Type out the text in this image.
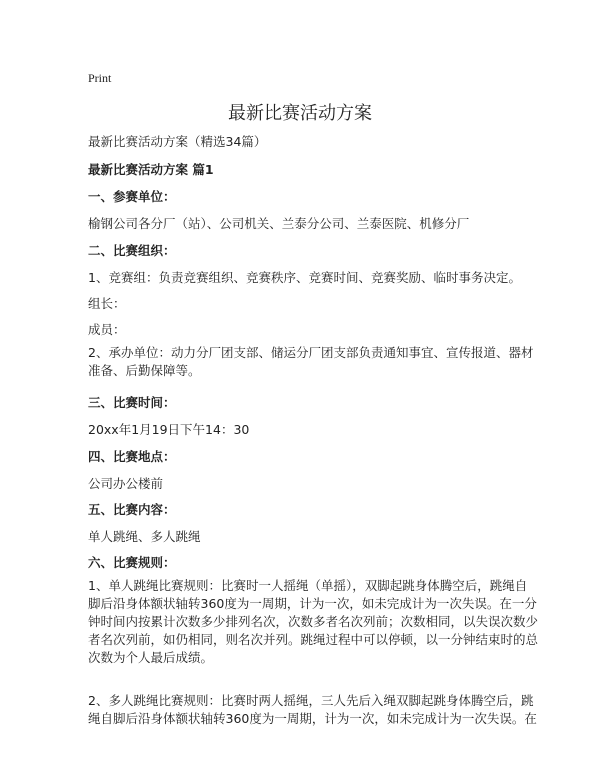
Print
最新比赛活动方案
最新比赛活动方案（精选34篇）
最新比赛活动方案 篇1
一、参赛单位：
榆钢公司各分厂（站）、公司机关、兰泰分公司、兰泰医院、机修分厂
二、比赛组织：
1、竞赛组：负责竞赛组织、竞赛秩序、竞赛时间、竞赛奖励、临时事务决定。
组长：
成员：
2、承办单位：动力分厂团支部、储运分厂团支部负责通知事宜、宣传报道、器材
准备、后勤保障等。
三、比赛时间：
20xx年1月19日下午14：30
四、比赛地点：
公司办公楼前
五、比赛内容：
单人跳绳、多人跳绳
六、比赛规则：
1、单人跳绳比赛规则：比赛时一人摇绳（单摇），双脚起跳身体腾空后，跳绳自
脚后沿身体额状轴转360度为一周期，计为一次，如未完成计为一次失误。在一分
钟时间内按累计次数多少排列名次，次数多者名次列前；次数相同，以失误次数少
者名次列前，如仍相同，则名次并列。跳绳过程中可以停顿，以一分钟结束时的总
次数为个人最后成绩。
2、多人跳绳比赛规则：比赛时两人摇绳，三人先后入绳双脚起跳身体腾空后，跳
绳自脚后沿身体额状轴转360度为一周期，计为一次，如未完成计为一次失误。在
